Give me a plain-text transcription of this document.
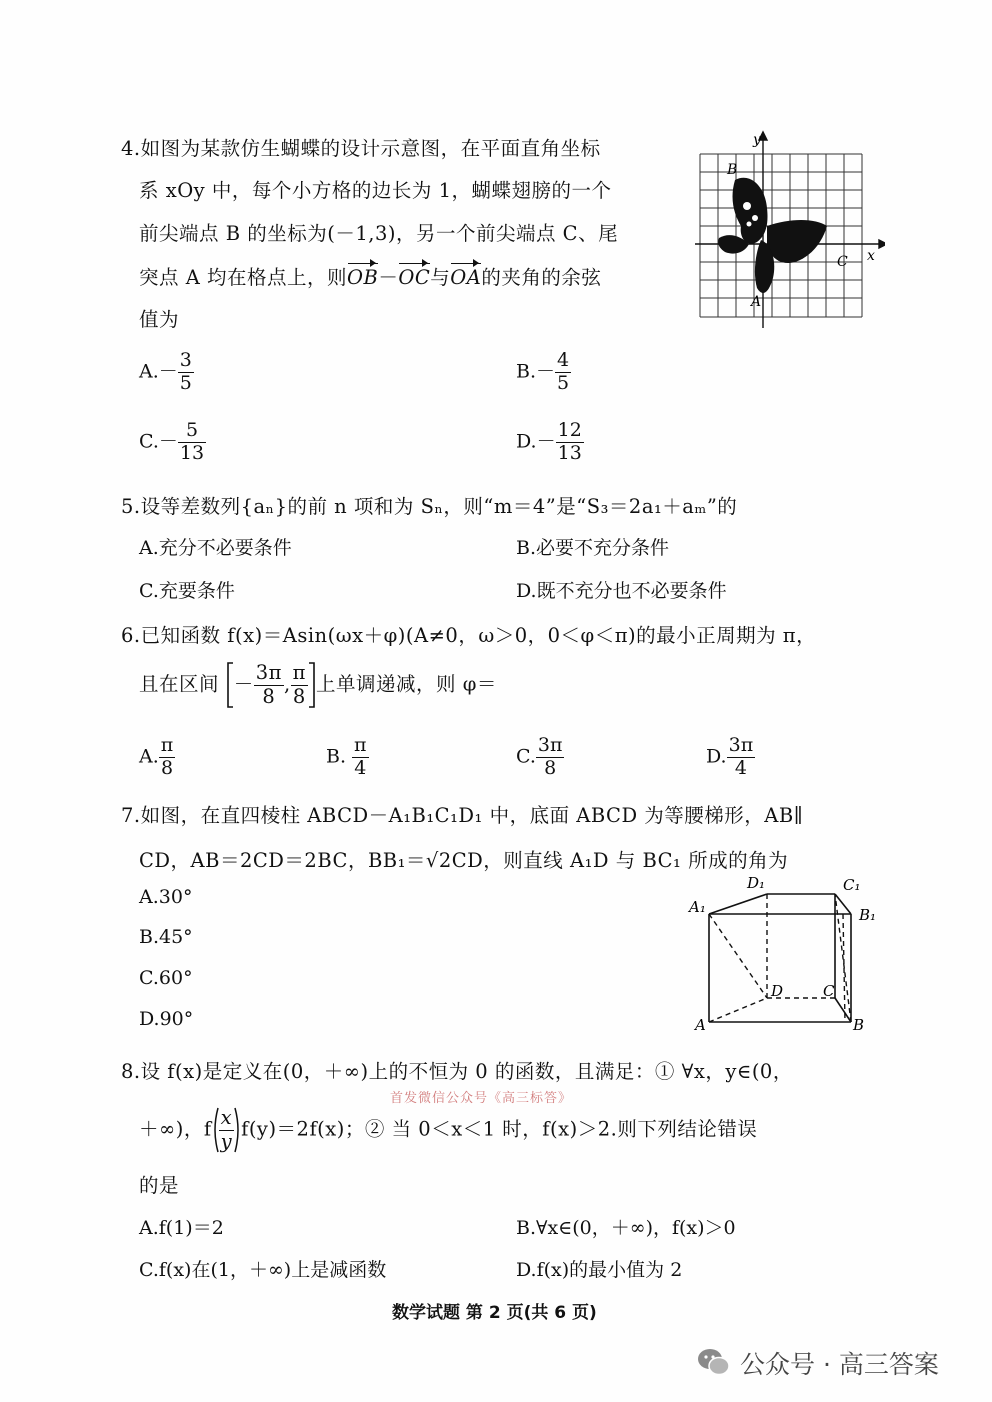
4.如图为某款仿生蝴蝶的设计示意图，在平面直角坐标
系 xOy 中，每个小方格的边长为 1，蝴蝶翅膀的一个
前尖端点 B 的坐标为(－1,3)，另一个前尖端点 C、尾
突点 A 均在格点上，则OB－OC与OA的夹角的余弦
值为
y
x
B
C
A
$A.- \frac{3}{5}$	$B.- \frac{4}{5}$
$C.- \frac{5}{13}$	$D.- \frac{12}{13}$
5.设等差数列{aₙ}的前 n 项和为 Sₙ，则“m＝4”是“S₃＝2a₁＋aₘ”的
A.充分不必要条件	B.必要不充分条件
C.充要条件	D.既不充分也不必要条件
6.已知函数 f(x)＝Asin(ωx＋φ)(A≠0，ω＞0，0＜φ＜π)的最小正周期为 π，
且在区间 － $\frac{3\pi}{8}$ , $\frac{\pi}{8}$ 上单调递减，则 φ＝
A. $\frac{\pi}{8}$	B. $\frac{\pi}{4}$	C. $\frac{3\pi}{8}$	D. $\frac{3\pi}{4}$
7.如图，在直四棱柱 ABCD－A₁B₁C₁D₁ 中，底面 ABCD 为等腰梯形，AB∥
CD，AB＝2CD＝2BC，BB₁＝√2CD，则直线 A₁D 与 BC₁ 所成的角为
A.30°
B.45°
C.60°
D.90°
A₁
D₁	C₁
B₁
D	C
A	B
8.设 f(x)是定义在(0，＋∞)上的不恒为 0 的函数，且满足：① ∀x，y∈(0，
首发微信公众号《高三标答》
＋∞)，f $\frac{x}{y} f(y)=2f(x)$；② 当 0＜x＜1 时，f(x)＞2.则下列结论错误
的是
A.f(1)＝2	B.∀x∈(0，＋∞)，f(x)＞0
C.f(x)在(1，＋∞)上是减函数	D.f(x)的最小值为 2
数学试题 第 2 页(共 6 页)
公众号 · 高三答案
